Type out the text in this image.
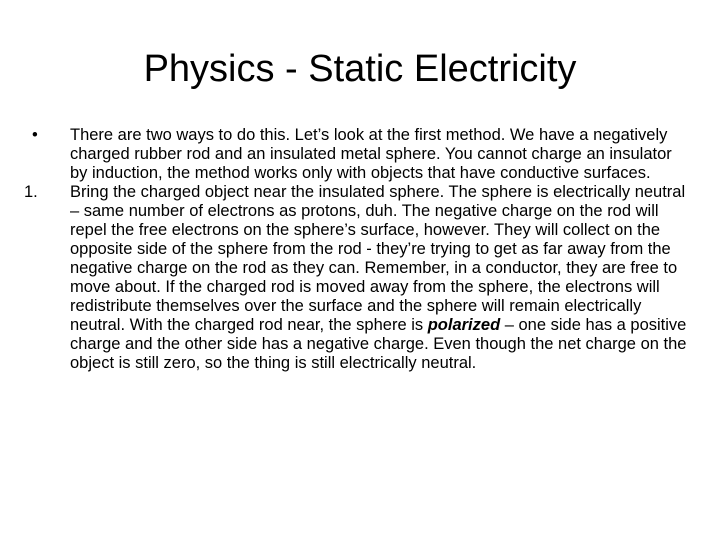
Physics - Static Electricity

• There are two ways to do this. Let’s look at the first method. We have a negatively charged rubber rod and an insulated metal sphere. You cannot charge an insulator by induction, the method works only with objects that have conductive surfaces.

1. Bring the charged object near the insulated sphere. The sphere is electrically neutral – same number of electrons as protons, duh. The negative charge on the rod will repel the free electrons on the sphere’s surface, however. They will collect on the opposite side of the sphere from the rod - they’re trying to get as far away from the negative charge on the rod as they can. Remember, in a conductor, they are free to move about. If the charged rod is moved away from the sphere, the electrons will redistribute themselves over the surface and the sphere will remain electrically neutral. With the charged rod near, the sphere is polarized – one side has a positive charge and the other side has a negative charge. Even though the net charge on the object is still zero, so the thing is still electrically neutral.
